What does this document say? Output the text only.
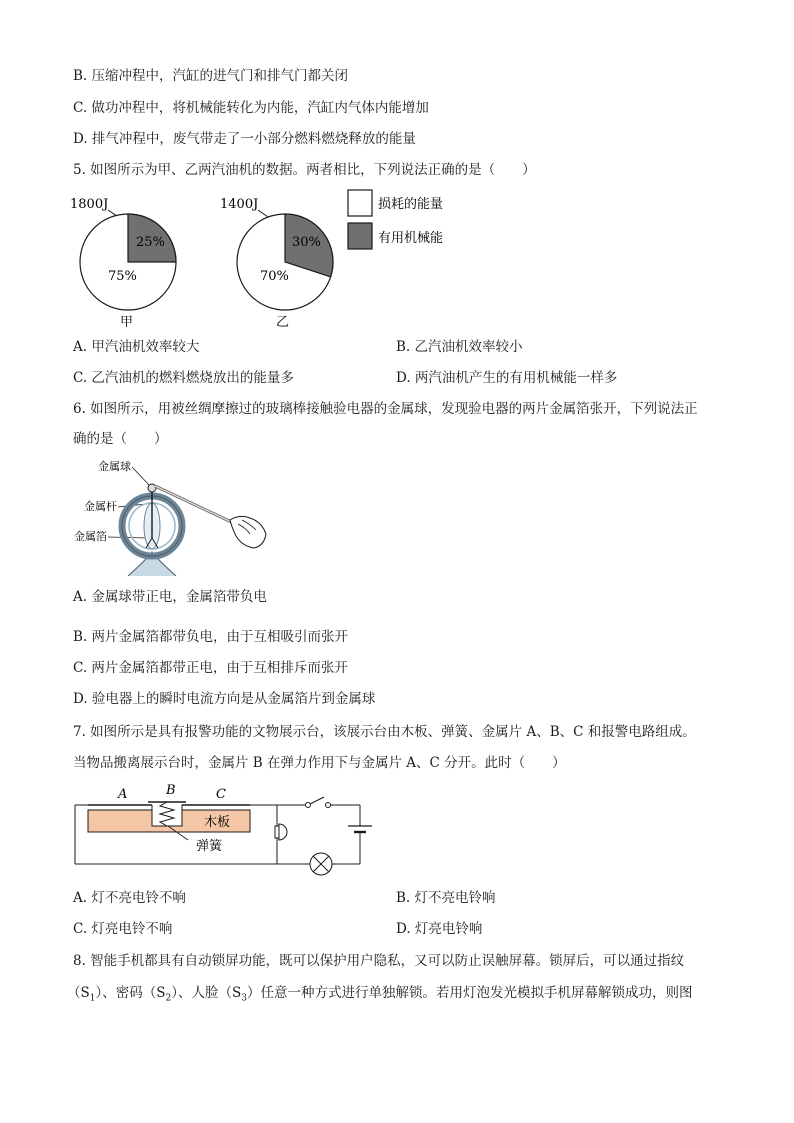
B. 压缩冲程中，汽缸的进气门和排气门都关闭
C. 做功冲程中，将机械能转化为内能，汽缸内气体内能增加
D. 排气冲程中，废气带走了一小部分燃料燃烧释放的能量
5. 如图所示为甲、乙两汽油机的数据。两者相比，下列说法正确的是（　　）
1800J
25%
75%
甲
1400J
30%
70%
乙
损耗的能量
有用机械能
A. 甲汽油机效率较大	B. 乙汽油机效率较小
C. 乙汽油机的燃料燃烧放出的能量多	D. 两汽油机产生的有用机械能一样多
6. 如图所示，用被丝绸摩擦过的玻璃棒接触验电器的金属球，发现验电器的两片金属箔张开，下列说法正
确的是（　　）
金属球
金属杆
金属箔
A. 金属球带正电，金属箔带负电
B. 两片金属箔都带负电，由于互相吸引而张开
C. 两片金属箔都带正电，由于互相排斥而张开
D. 验电器上的瞬时电流方向是从金属箔片到金属球
7. 如图所示是具有报警功能的文物展示台，该展示台由木板、弹簧、金属片 A、B、C 和报警电路组成。
当物品搬离展示台时，金属片 B 在弹力作用下与金属片 A、C 分开。此时（　　）
A	B	C
木板
弹簧
A. 灯不亮电铃不响	B. 灯不亮电铃响
C. 灯亮电铃不响	D. 灯亮电铃响
8. 智能手机都具有自动锁屏功能，既可以保护用户隐私，又可以防止误触屏幕。锁屏后，可以通过指纹
$(S_1)$、密码$(S_2)$、人脸$(S_3)$任意一种方式进行单独解锁。若用灯泡发光模拟手机屏幕解锁成功，则图
